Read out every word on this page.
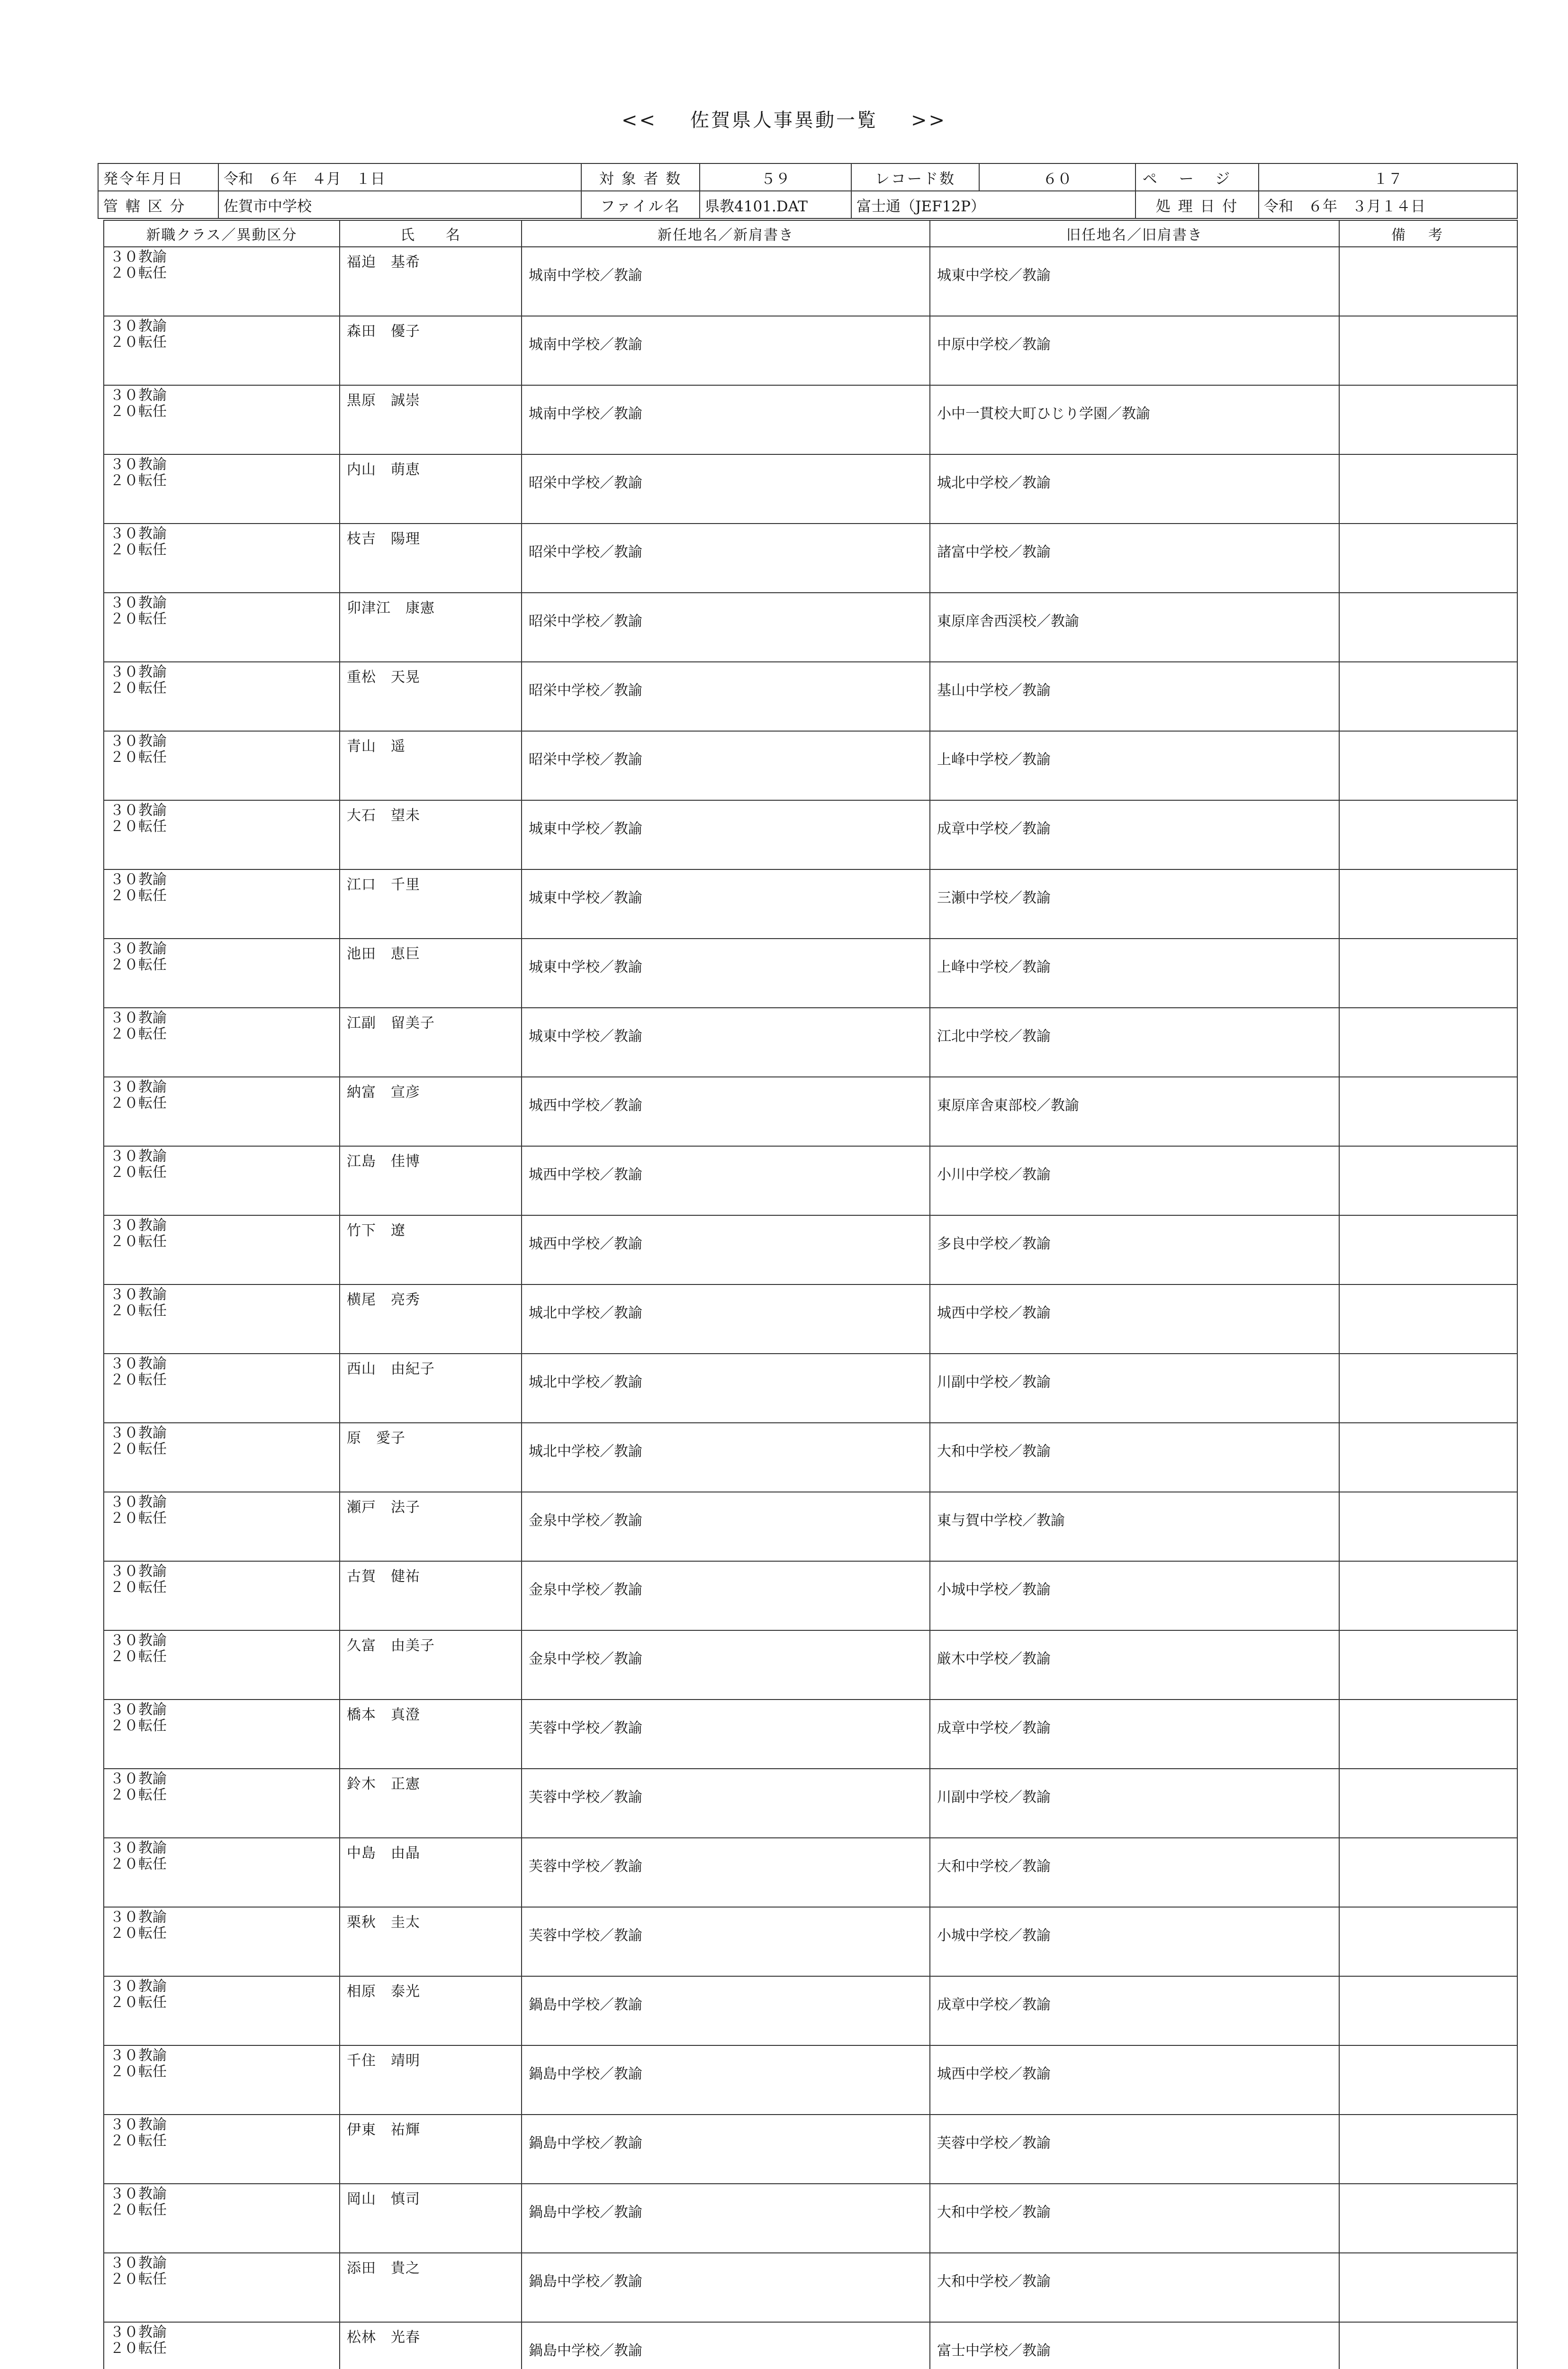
<< 佐賀県人事異動一覧 >>
発令年月日	令和　６年　４月　１日	対 象 者 数	５９	レコード数	６０	ページ	１７
管 轄 区 分	佐賀市中学校	ファイル名	県教4101.DAT	富士通（JEF12P）		処 理 日 付	令和　６年　３月１４日
新職クラス／異動区分	氏　　名	新任地名／新肩書き	旧任地名／旧肩書き	備考

３０教諭
２０転任	福迫　基希	城南中学校／教諭	城東中学校／教諭	

３０教諭
２０転任	森田　優子	城南中学校／教諭	中原中学校／教諭	

３０教諭
２０転任	黒原　誠崇	城南中学校／教諭	小中一貫校大町ひじり学園／教諭	

３０教諭
２０転任	内山　萌恵	昭栄中学校／教諭	城北中学校／教諭	

３０教諭
２０転任	枝吉　陽理	昭栄中学校／教諭	諸富中学校／教諭	

３０教諭
２０転任	卯津江　康憲	昭栄中学校／教諭	東原庠舎西渓校／教諭	

３０教諭
２０転任	重松　天晃	昭栄中学校／教諭	基山中学校／教諭	

３０教諭
２０転任	青山　遥	昭栄中学校／教諭	上峰中学校／教諭	

３０教諭
２０転任	大石　望未	城東中学校／教諭	成章中学校／教諭	

３０教諭
２０転任	江口　千里	城東中学校／教諭	三瀬中学校／教諭	

３０教諭
２０転任	池田　恵巨	城東中学校／教諭	上峰中学校／教諭	

３０教諭
２０転任	江副　留美子	城東中学校／教諭	江北中学校／教諭	

３０教諭
２０転任	納富　宣彦	城西中学校／教諭	東原庠舎東部校／教諭	

３０教諭
２０転任	江島　佳博	城西中学校／教諭	小川中学校／教諭	

３０教諭
２０転任	竹下　遼	城西中学校／教諭	多良中学校／教諭	

３０教諭
２０転任	横尾　亮秀	城北中学校／教諭	城西中学校／教諭	

３０教諭
２０転任	西山　由紀子	城北中学校／教諭	川副中学校／教諭	

３０教諭
２０転任	原　愛子	城北中学校／教諭	大和中学校／教諭	

３０教諭
２０転任	瀬戸　法子	金泉中学校／教諭	東与賀中学校／教諭	

３０教諭
２０転任	古賀　健祐	金泉中学校／教諭	小城中学校／教諭	

３０教諭
２０転任	久富　由美子	金泉中学校／教諭	厳木中学校／教諭	

３０教諭
２０転任	橋本　真澄	芙蓉中学校／教諭	成章中学校／教諭	

３０教諭
２０転任	鈴木　正憲	芙蓉中学校／教諭	川副中学校／教諭	

３０教諭
２０転任	中島　由晶	芙蓉中学校／教諭	大和中学校／教諭	

３０教諭
２０転任	栗秋　圭太	芙蓉中学校／教諭	小城中学校／教諭	

３０教諭
２０転任	相原　泰光	鍋島中学校／教諭	成章中学校／教諭	

３０教諭
２０転任	千住　靖明	鍋島中学校／教諭	城西中学校／教諭	

３０教諭
２０転任	伊東　祐輝	鍋島中学校／教諭	芙蓉中学校／教諭	

３０教諭
２０転任	岡山　慎司	鍋島中学校／教諭	大和中学校／教諭	

３０教諭
２０転任	添田　貴之	鍋島中学校／教諭	大和中学校／教諭	

３０教諭
２０転任	松林　光春	鍋島中学校／教諭	富士中学校／教諭	
